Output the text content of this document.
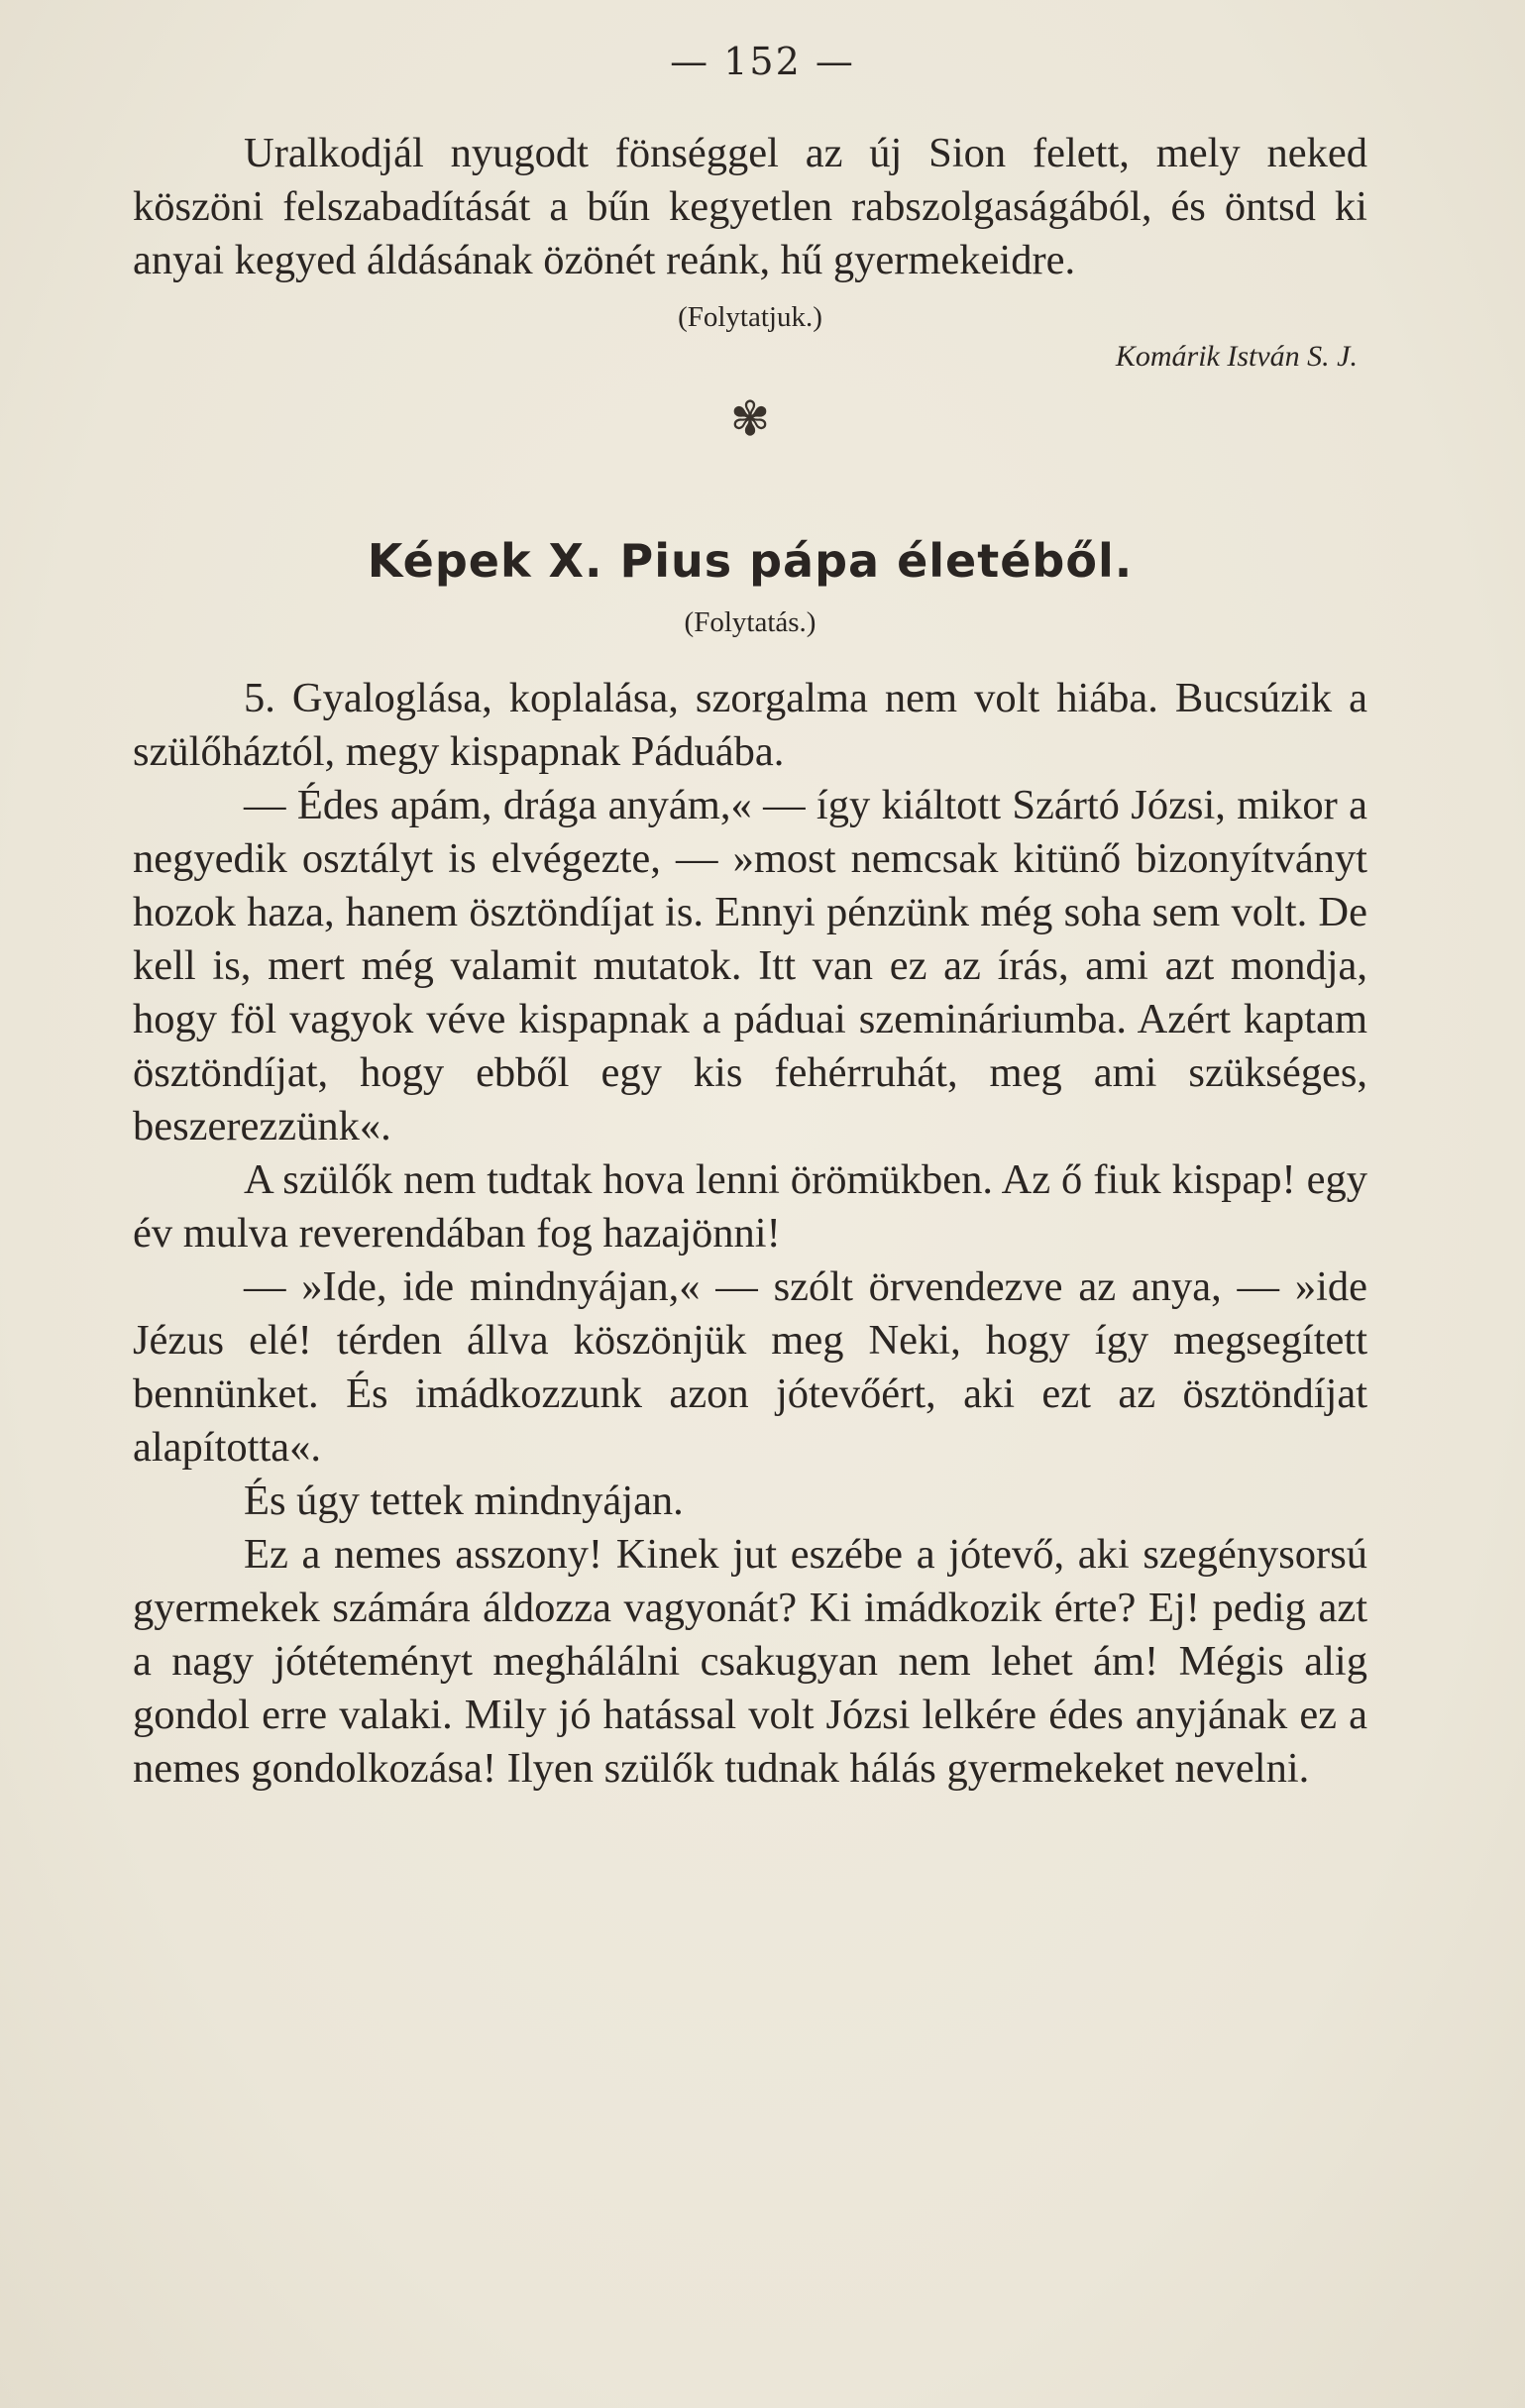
— 152 —

Uralkodjál nyugodt fönséggel az új Sion felett, mely neked köszöni felszabadítását a bűn kegyetlen rabszolgaságából, és öntsd ki anyai kegyed áldásának özönét reánk, hű gyermekeidre.

(Folytatjuk.)
Komárik István S. J.
✾
Képek X. Pius pápa életéből.
(Folytatás.)

5. Gyaloglása, koplalása, szorgalma nem volt hiába. Bucsúzik a szülőháztól, megy kispapnak Páduába.

— Édes apám, drága anyám,« — így kiáltott Szártó Józsi, mikor a negyedik osztályt is elvégezte, — »most nemcsak kitünő bizonyítványt hozok haza, hanem ösztöndíjat is. Ennyi pénzünk még soha sem volt. De kell is, mert még valamit mutatok. Itt van ez az írás, ami azt mondja, hogy föl vagyok véve kispapnak a páduai szemináriumba. Azért kaptam ösztöndíjat, hogy ebből egy kis fehérruhát, meg ami szükséges, beszerezzünk«.

A szülők nem tudtak hova lenni örömükben. Az ő fiuk kispap! egy év mulva reverendában fog hazajönni!

— »Ide, ide mindnyájan,« — szólt örvendezve az anya, — »ide Jézus elé! térden állva köszönjük meg Neki, hogy így megsegített bennünket. És imádkozzunk azon jótevőért, aki ezt az ösztöndíjat alapította«.

És úgy tettek mindnyájan.

Ez a nemes asszony! Kinek jut eszébe a jótevő, aki szegénysorsú gyermekek számára áldozza vagyonát? Ki imádkozik érte? Ej! pedig azt a nagy jótéteményt meghálálni csakugyan nem lehet ám! Mégis alig gondol erre valaki. Mily jó hatással volt Józsi lelkére édes anyjának ez a nemes gondolkozása! Ilyen szülők tudnak hálás gyermekeket nevelni.
